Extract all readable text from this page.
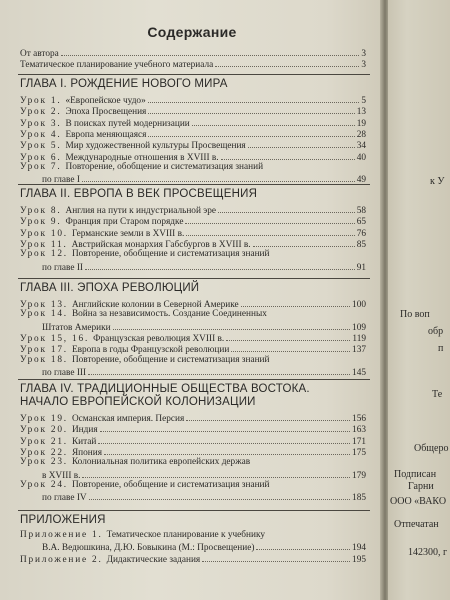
Содержание
От автора	3
Тематическое планирование учебного материала	3
ГЛАВА I. РОЖДЕНИЕ НОВОГО МИРА
Урок 1. «Европейское чудо»	5
Урок 2. Эпоха Просвещения	13
Урок 3. В поисках путей модернизации	19
Урок 4. Европа меняющаяся	28
Урок 5. Мир художественной культуры Просвещения	34
Урок 6. Международные отношения в XVIII в.	40
Урок 7. Повторение, обобщение и систематизация знаний
по главе I	49
ГЛАВА II. ЕВРОПА В ВЕК ПРОСВЕЩЕНИЯ
Урок 8. Англия на пути к индустриальной эре	58
Урок 9. Франция при Старом порядке	65
Урок 10. Германские земли в XVIII в.	76
Урок 11. Австрийская монархия Габсбургов в XVIII в.	85
Урок 12. Повторение, обобщение и систематизация знаний
по главе II	91
ГЛАВА III. ЭПОХА РЕВОЛЮЦИЙ
Урок 13. Английские колонии в Северной Америке	100
Урок 14. Война за независимость. Создание Соединенных
Штатов Америки	109
Урок 15, 16. Французская революция XVIII в.	119
Урок 17. Европа в годы Французской революции	137
Урок 18. Повторение, обобщение и систематизация знаний
по главе III	145
ГЛАВА IV. ТРАДИЦИОННЫЕ ОБЩЕСТВА ВОСТОКА.
НАЧАЛО ЕВРОПЕЙСКОЙ КОЛОНИЗАЦИИ
Урок 19. Османская империя. Персия	156
Урок 20. Индия	163
Урок 21. Китай	171
Урок 22. Япония	175
Урок 23. Колониальная политика европейских держав
в XVIII в.	179
Урок 24. Повторение, обобщение и систематизация знаний
по главе IV	185
ПРИЛОЖЕНИЯ
Приложение 1. Тематическое планирование к учебнику
В.А. Ведюшкина, Д.Ю. Бовыкина (М.: Просвещение)	194
Приложение 2. Дидактические задания	195
к У
По воп
обр
п
Те
Общеро
Подписан
Гарни
ООО «ВАКО
Отпечатан
142300, г
